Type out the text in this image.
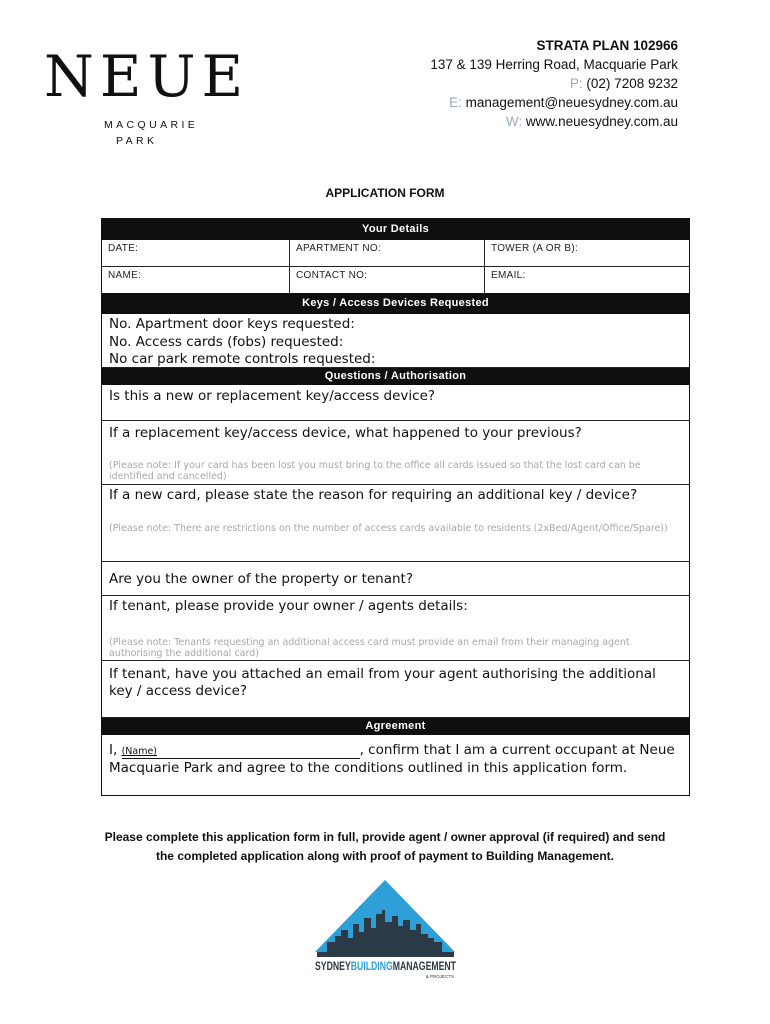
NEUE
MACQUARIE
PARK
STRATA PLAN 102966
137 & 139 Herring Road, Macquarie Park
P: (02) 7208 9232
E: management@neuesydney.com.au
W: www.neuesydney.com.au
APPLICATION FORM
Your Details
DATE:	APARTMENT NO:	TOWER (A OR B):
NAME:	CONTACT NO:	EMAIL:
Keys / Access Devices Requested
No. Apartment door keys requested:
No. Access cards (fobs) requested:
No car park remote controls requested:
Questions / Authorisation
Is this a new or replacement key/access device?
If a replacement key/access device, what happened to your previous?
(Please note: If your card has been lost you must bring to the office all cards issued so that the lost card can be identified and cancelled)
If a new card, please state the reason for requiring an additional key / device?
(Please note: There are restrictions on the number of access cards available to residents (2xBed/Agent/Office/Spare))
Are you the owner of the property or tenant?
If tenant, please provide your owner / agents details:
(Please note: Tenants requesting an additional access card must provide an email from their managing agent authorising the additional card)
If tenant, have you attached an email from your agent authorising the additional key / access device?
Agreement
I, (Name)	, confirm that I am a current occupant at Neue Macquarie Park and agree to the conditions outlined in this application form.
Please complete this application form in full, provide agent / owner approval (if required) and send
the completed application along with proof of payment to Building Management.
SYDNEYBUILDINGMANAGEMENT
& PROJECTS
